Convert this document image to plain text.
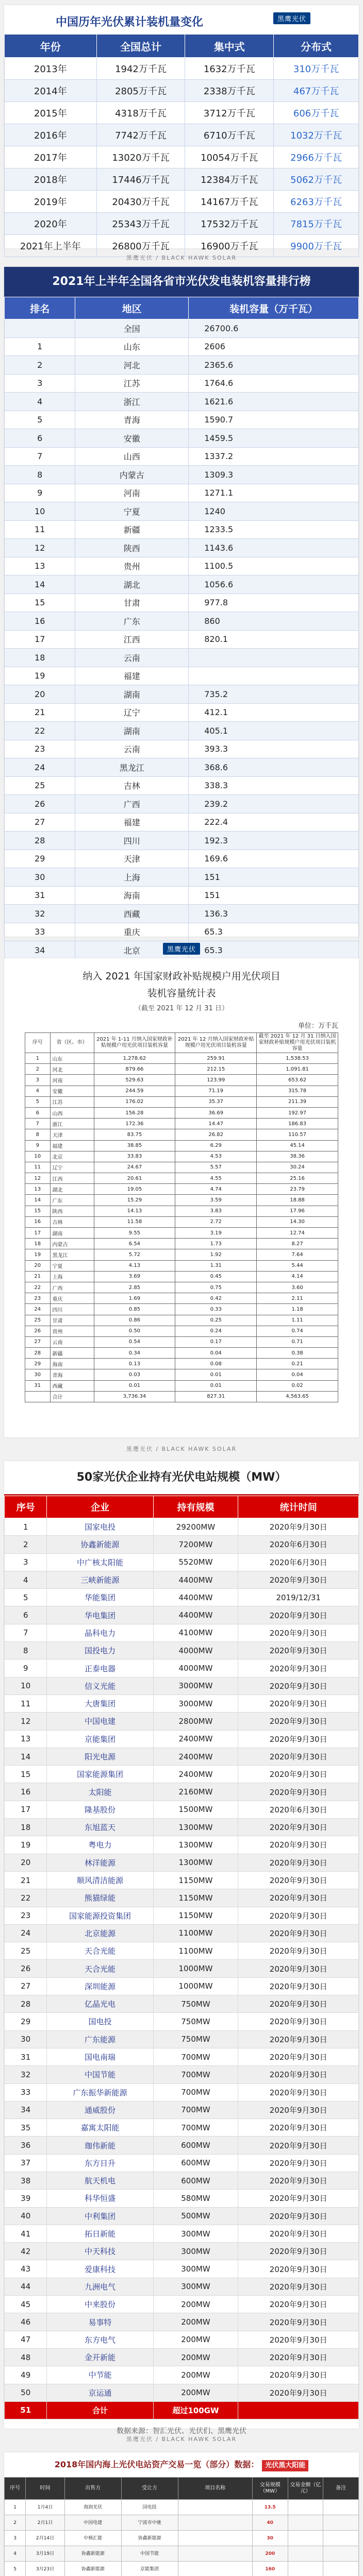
中国历年光伏累计装机量变化	黑鹰光伏
年份	全国总计	集中式	分布式
2013年	1942万千瓦	1632万千瓦	310万千瓦
2014年	2805万千瓦	2338万千瓦	467万千瓦
2015年	4318万千瓦	3712万千瓦	606万千瓦
2016年	7742万千瓦	6710万千瓦	1032万千瓦
2017年	13020万千瓦	10054万千瓦	2966万千瓦
2018年	17446万千瓦	12384万千瓦	5062万千瓦
2019年	20430万千瓦	14167万千瓦	6263万千瓦
2020年	25343万千瓦	17532万千瓦	7815万千瓦
2021年上半年	26800万千瓦	16900万千瓦	9900万千瓦
黑鹰光伏 / BLACK HAWK SOLAR
2021年上半年全国各省市光伏发电装机容量排行榜
排名	地区	装机容量（万千瓦）
	全国	26700.6
1	山东	2606
2	河北	2365.6
3	江苏	1764.6
4	浙江	1621.6
5	青海	1590.7
6	安徽	1459.5
7	山西	1337.2
8	内蒙古	1309.3
9	河南	1271.1
10	宁夏	1240
11	新疆	1233.5
12	陕西	1143.6
13	贵州	1100.5
14	湖北	1056.6
15	甘肃	977.8
16	广东	860
17	江西	820.1
18	云南	
19	福建	
20	湖南	735.2
21	辽宁	412.1
22	湖南	405.1
23	云南	393.3
24	黑龙江	368.6
25	吉林	338.3
26	广西	239.2
27	福建	222.4
28	四川	192.3
29	天津	169.6
30	上海	151
31	海南	151
32	西藏	136.3
33	重庆	65.3
34	北京	65.3
黑鹰光伏
纳入 2021 年国家财政补贴规模户用光伏项目
装机容量统计表
（截至 2021 年 12 月 31 日）
单位：万千瓦
序号	省（区、市）	2021 年 1-11 月纳入国家财政补贴规模户用光伏项目装机容量	2021 年 12 月纳入国家财政补贴规模户用光伏项目装机容量	截至 2021 年 12 月 31 日纳入国家财政补贴规模户用光伏项目装机容量
1	山东	1,278.62	259.91	1,538.53
2	河北	879.66	212.15	1,091.81
3	河南	529.63	123.99	653.62
4	安徽	244.59	71.19	315.78
5	江苏	176.02	35.37	211.39
6	山西	156.28	36.69	192.97
7	浙江	172.36	14.47	186.83
8	天津	83.75	26.82	110.57
9	福建	38.85	6.29	45.14
10	北京	33.83	4.53	38.36
11	辽宁	24.67	5.57	30.24
12	江西	20.61	4.55	25.16
13	湖北	19.05	4.74	23.79
14	广东	15.29	3.59	18.88
15	陕西	14.13	3.83	17.96
16	吉林	11.58	2.72	14.30
17	湖南	9.55	3.19	12.74
18	内蒙古	6.54	1.73	8.27
19	黑龙江	5.72	1.92	7.64
20	宁夏	4.13	1.31	5.44
21	上海	3.69	0.45	4.14
22	广西	2.85	0.75	3.60
23	重庆	1.69	0.42	2.11
24	四川	0.85	0.33	1.18
25	甘肃	0.86	0.25	1.11
26	贵州	0.50	0.24	0.74
27	云南	0.54	0.17	0.71
28	新疆	0.34	0.04	0.38
29	海南	0.13	0.08	0.21
30	青海	0.03	0.01	0.04
31	西藏	0.01	0.01	0.02
	合计	3,736.34	827.31	4,563.65
黑鹰光伏 / BLACK HAWK SOLAR
50家光伏企业持有光伏电站规模（MW）
序号	企业	持有规模	统计时间
1	国家电投	29200MW	2020年9月30日
2	协鑫新能源	7200MW	2020年6月30日
3	中广核太阳能	5520MW	2020年6月30日
4	三峡新能源	4400MW	2020年9月30日
5	华能集团	4400MW	2019/12/31
6	华电集团	4400MW	2020年9月30日
7	晶科电力	4100MW	2020年9月30日
8	国投电力	4000MW	2020年9月30日
9	正泰电器	4000MW	2020年9月30日
10	信义光能	3000MW	2020年9月30日
11	大唐集团	3000MW	2020年9月30日
12	中国电建	2800MW	2020年9月30日
13	京能集团	2400MW	2020年9月30日
14	阳光电源	2400MW	2020年9月30日
15	国家能源集团	2400MW	2020年9月30日
16	太阳能	2160MW	2020年9月30日
17	隆基股份	1500MW	2020年6月30日
18	东旭蓝天	1300MW	2020年9月30日
19	粤电力	1300MW	2020年9月30日
20	林洋能源	1300MW	2020年9月30日
21	顺风清洁能源	1150MW	2020年9月30日
22	熊猫绿能	1150MW	2020年9月30日
23	国家能源投资集团	1150MW	2020年9月30日
24	北京能源	1100MW	2020年9月30日
25	天合光能	1100MW	2020年9月30日
26	天合光能	1000MW	2020年9月30日
27	深圳能源	1000MW	2020年9月30日
28	亿晶光电	750MW	2020年9月30日
29	国电投	750MW	2020年9月30日
30	广东能源	750MW	2020年9月30日
31	国电南瑞	700MW	2020年9月30日
32	中国节能	700MW	2020年9月30日
33	广东振华新能源	700MW	2020年9月30日
34	通威股份	700MW	2020年9月30日
35	嘉寓太阳能	700MW	2020年9月30日
36	珈伟新能	600MW	2020年9月30日
37	东方日升	600MW	2020年9月30日
38	航天机电	600MW	2020年9月30日
39	科华恒盛	580MW	2020年9月30日
40	中利集团	500MW	2020年9月30日
41	拓日新能	300MW	2020年9月30日
42	中天科技	300MW	2020年9月30日
43	爱康科技	300MW	2020年9月30日
44	九洲电气	300MW	2020年9月30日
45	中来股份	200MW	2020年9月30日
46	易事特	200MW	2020年9月30日
47	东方电气	200MW	2020年9月30日
48	金开新能	200MW	2020年9月30日
49	中节能	200MW	2020年9月30日
50	京运通	200MW	2020年9月30日
51	合计	超过100GW	
数据来源：智汇光伏、光伏们、黑鹰光伏
黑鹰光伏 / BLACK HAWK SOLAR
2018年国内海上光伏电站资产交易一览（部分）数据： 光伏黑大阳能
序号	时间	出售方	受让方	项目名称	交易规模（MW）	交易金额（亿元）	备注
1	1月4日	海润光伏	国电投		13.5		
2	2月1日	中国电建	宁波市中驰		40		
3	2月14日	中核汇能	协鑫新能源		30		
4	3月19日	协鑫新能源	中国节能		200		
5	3月23日	协鑫新能源	京能集团		160		
